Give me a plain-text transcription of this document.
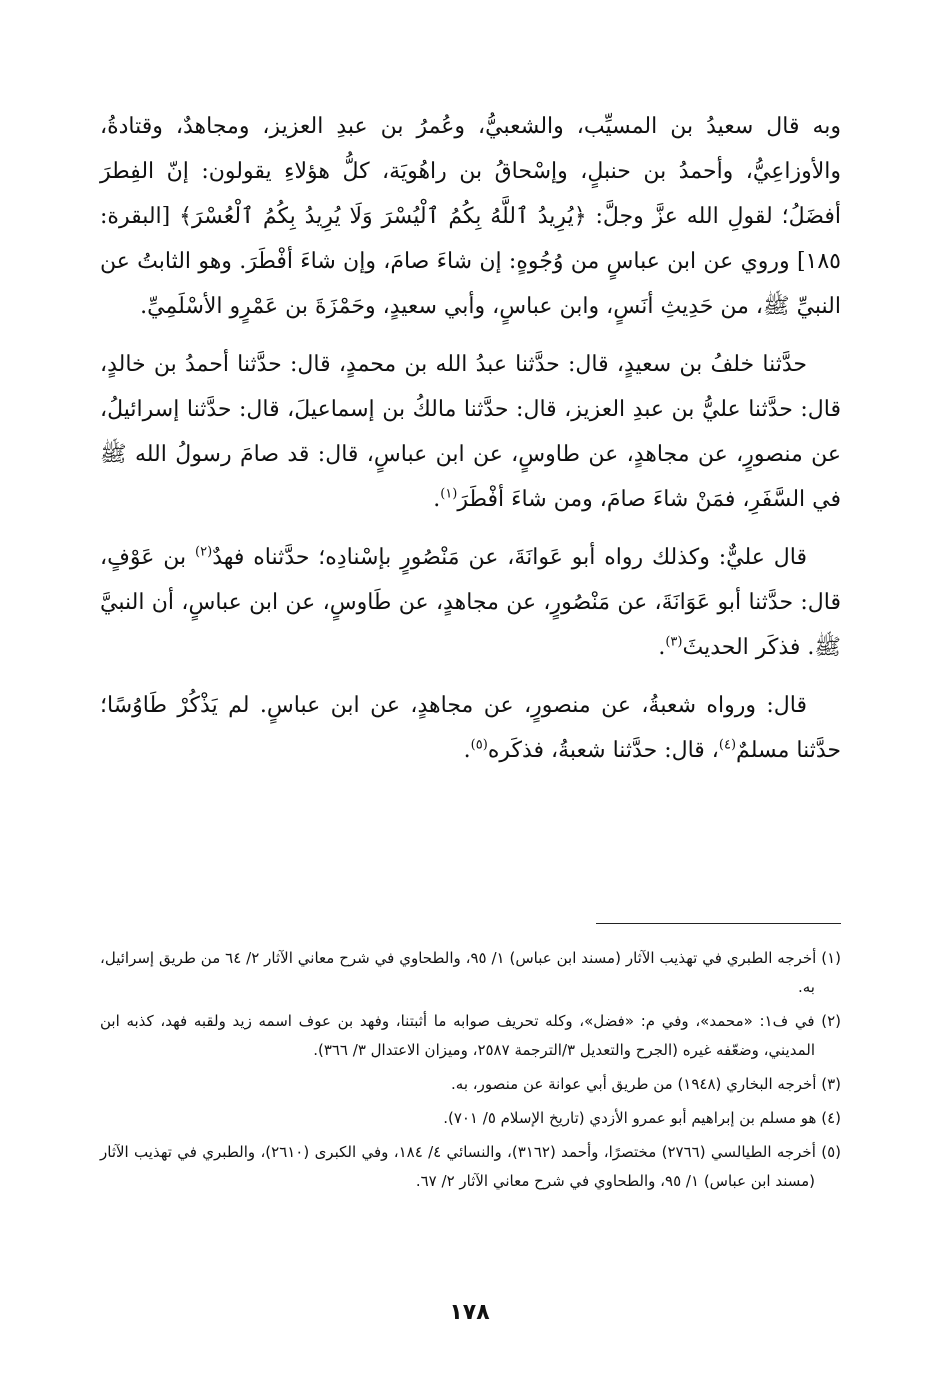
وبه قال سعيدُ بن المسيِّب، والشعبيُّ، وعُمرُ بن عبدِ العزيز، ومجاهدٌ، وقتادةُ، والأوزاعِيُّ، وأحمدُ بن حنبلٍ، وإسْحاقُ بن راهُويَة، كلُّ هؤلاءِ يقولون: إنّ الفِطرَ أفضَلُ؛ لقولِ الله عزَّ وجلَّ: ﴿يُرِيدُ ٱللَّهُ بِكُمُ ٱلْيُسْرَ وَلَا يُرِيدُ بِكُمُ ٱلْعُسْرَ﴾ [البقرة: ١٨٥] وروي عن ابن عباسٍ من وُجُوهٍ: إن شاءَ صامَ، وإن شاءَ أفْطَرَ. وهو الثابتُ عن النبيِّ ﷺ، من حَدِيثِ أنَسٍ، وابن عباسٍ، وأبي سعيدٍ، وحَمْزَةَ بن عَمْرٍو الأسْلَمِيِّ.

حدَّثنا خلفُ بن سعيدٍ، قال: حدَّثنا عبدُ الله بن محمدٍ، قال: حدَّثنا أحمدُ بن خالدٍ، قال: حدَّثنا عليُّ بن عبدِ العزيز، قال: حدَّثنا مالكُ بن إسماعيلَ، قال: حدَّثنا إسرائيلُ، عن منصورٍ، عن مجاهدٍ، عن طاوسٍ، عن ابن عباسٍ، قال: قد صامَ رسولُ الله ﷺ في السَّفَرِ، فمَنْ شاءَ صامَ، ومن شاءَ أفْطَرَ$^{(١)}$.

قال عليٌّ: وكذلك رواه أبو عَوانَةَ، عن مَنْصُورٍ بإسْنادِه؛ حدَّثناه فهدٌ$^{(٢)}$ بن عَوْفٍ، قال: حدَّثنا أبو عَوَانَةَ، عن مَنْصُورٍ، عن مجاهدٍ، عن طَاوسٍ، عن ابن عباسٍ، أن النبيَّ ﷺ. فذكَر الحديثَ$^{(٣)}$.

قال: ورواه شعبةُ، عن منصورٍ، عن مجاهدٍ، عن ابن عباسٍ. لم يَذْكُرْ طَاوُسًا؛ حدَّثنا مسلمٌ$^{(٤)}$، قال: حدَّثنا شعبةُ، فذكَره$^{(٥)}$.

(١) أخرجه الطبري في تهذيب الآثار (مسند ابن عباس) ١/ ٩٥، والطحاوي في شرح معاني الآثار ٢/ ٦٤ من طريق إسرائيل، به.

(٢) في ف١: «محمد»، وفي م: «فضل»، وكله تحريف صوابه ما أثبتنا، وفهد بن عوف اسمه زيد ولقبه فهد، كذبه ابن المديني، وضعّفه غيره (الجرح والتعديل ٣/الترجمة ٢٥٨٧، وميزان الاعتدال ٣/ ٣٦٦).

(٣) أخرجه البخاري (١٩٤٨) من طريق أبي عوانة عن منصور، به.

(٤) هو مسلم بن إبراهيم أبو عمرو الأزدي (تاريخ الإسلام ٥/ ٧٠١).

(٥) أخرجه الطيالسي (٢٧٦٦) مختصرًا، وأحمد (٣١٦٢)، والنسائي ٤/ ١٨٤، وفي الكبرى (٢٦١٠)، والطبري في تهذيب الآثار (مسند ابن عباس) ١/ ٩٥، والطحاوي في شرح معاني الآثار ٢/ ٦٧.

١٧٨
